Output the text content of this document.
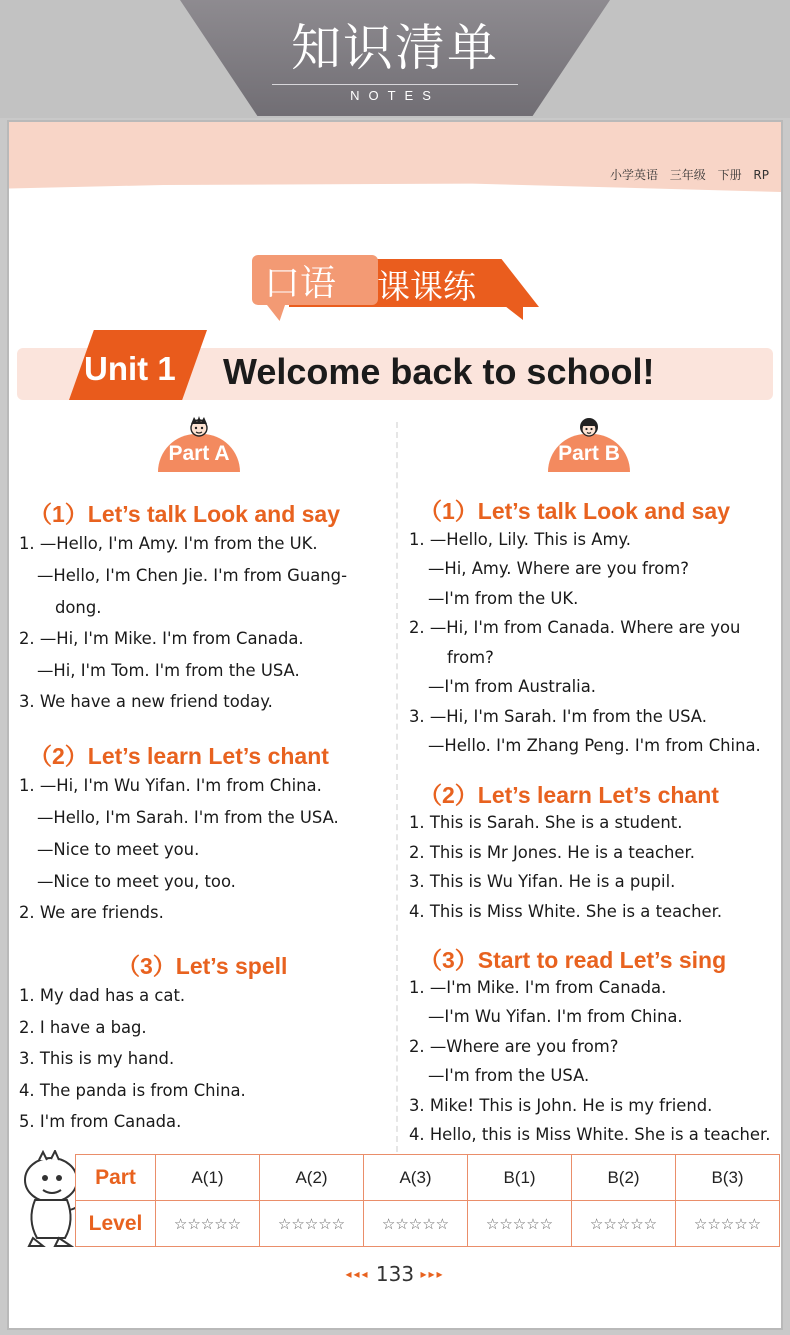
知识清单
NOTES
小学英语 三年级 下册 RP
口语	课课练
Unit 1 Welcome back to school!
Part A	Part B
（1）Let’s talk Look and say
1. —Hello, I'm Amy. I'm from the UK.
—Hello, I'm Chen Jie. I'm from Guang-
dong.
2. —Hi, I'm Mike. I'm from Canada.
—Hi, I'm Tom. I'm from the USA.
3. We have a new friend today.
（2）Let’s learn Let’s chant
1. —Hi, I'm Wu Yifan. I'm from China.
—Hello, I'm Sarah. I'm from the USA.
—Nice to meet you.
—Nice to meet you, too.
2. We are friends.
（3）Let’s spell
1. My dad has a cat.
2. I have a bag.
3. This is my hand.
4. The panda is from China.
5. I'm from Canada.
（1）Let’s talk Look and say
1. —Hello, Lily. This is Amy.
—Hi, Amy. Where are you from?
—I'm from the UK.
2. —Hi, I'm from Canada. Where are you
from?
—I'm from Australia.
3. —Hi, I'm Sarah. I'm from the USA.
—Hello. I'm Zhang Peng. I'm from China.
（2）Let’s learn Let’s chant
1. This is Sarah. She is a student.
2. This is Mr Jones. He is a teacher.
3. This is Wu Yifan. He is a pupil.
4. This is Miss White. She is a teacher.
（3）Start to read Let’s sing
1. —I'm Mike. I'm from Canada.
—I'm Wu Yifan. I'm from China.
2. —Where are you from?
—I'm from the USA.
3. Mike! This is John. He is my friend.
4. Hello, this is Miss White. She is a teacher.
Part	A(1)	A(2)	A(3)	B(1)	B(2)	B(3)
Level	☆☆☆☆☆	☆☆☆☆☆	☆☆☆☆☆	☆☆☆☆☆	☆☆☆☆☆	☆☆☆☆☆
◂◂◂ 133 ▸▸▸
